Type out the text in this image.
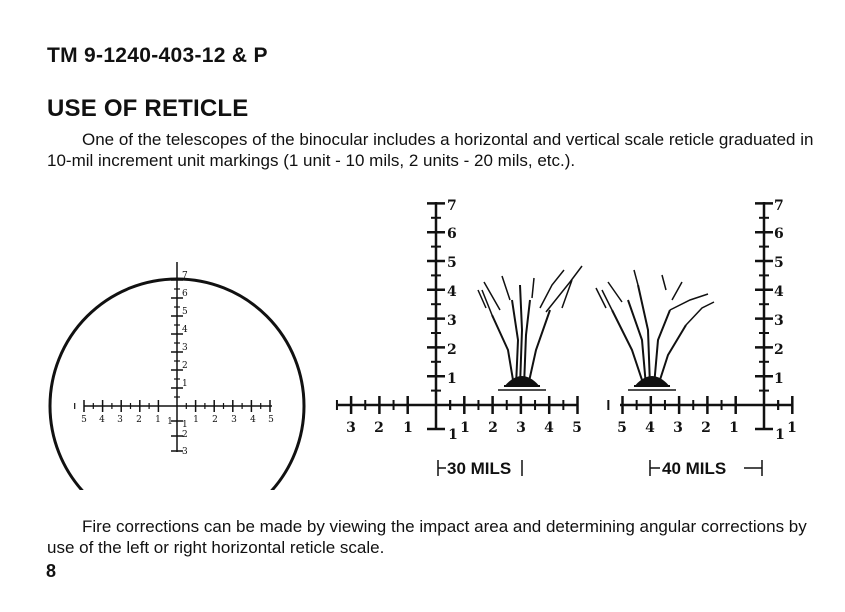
TM 9-1240-403-12 & P
USE OF RETICLE
One of the telescopes of the binocular includes a horizontal and vertical scale reticle graduated in 10-mil increment unit markings (1 unit - 10 mils, 2 units - 20 mils, etc.).
1
2
3
4
5
6
7
1
2
3
5 4 3 2 1 1 1 2 3 4 5
1
2
3
4
5
6
7
3 2 1	1 1 2 3 4 5
30 MILS
1
2
3
4
5
6
7
5 4 3 2 1	1 1
40 MILS
Fire corrections can be made by viewing the impact area and determining angular corrections by use of the left or right horizontal reticle scale.
8
